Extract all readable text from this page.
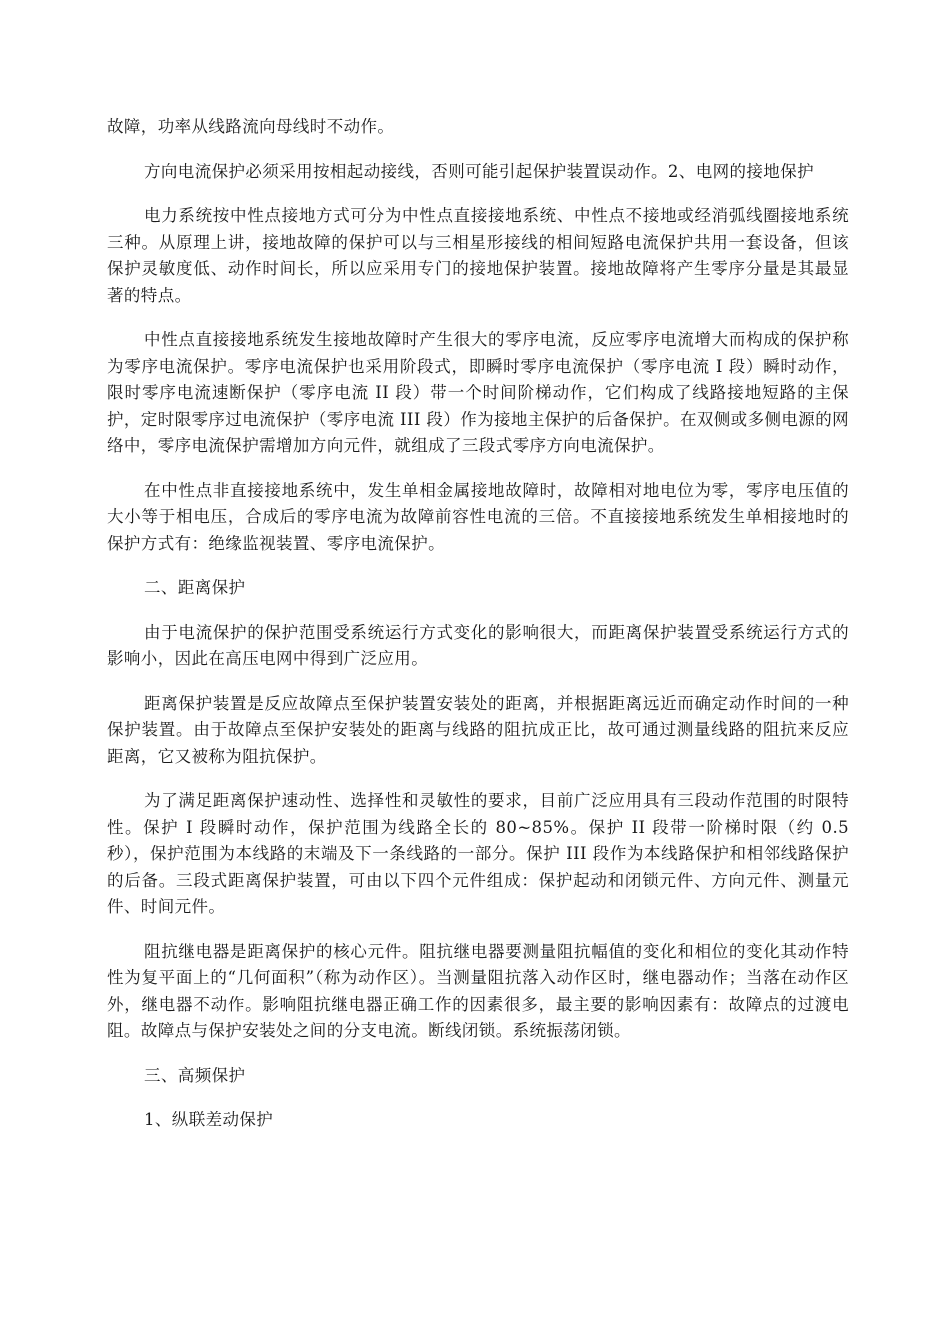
故障，功率从线路流向母线时不动作。

方向电流保护必须采用按相起动接线，否则可能引起保护装置误动作。2、电网的接地保护

电力系统按中性点接地方式可分为中性点直接接地系统、中性点不接地或经消弧线圈接地系统三种。从原理上讲，接地故障的保护可以与三相星形接线的相间短路电流保护共用一套设备，但该保护灵敏度低、动作时间长，所以应采用专门的接地保护装置。接地故障将产生零序分量是其最显著的特点。

中性点直接接地系统发生接地故障时产生很大的零序电流，反应零序电流增大而构成的保护称为零序电流保护。零序电流保护也采用阶段式，即瞬时零序电流保护（零序电流 I 段）瞬时动作，限时零序电流速断保护（零序电流 II 段）带一个时间阶梯动作，它们构成了线路接地短路的主保护，定时限零序过电流保护（零序电流 III 段）作为接地主保护的后备保护。在双侧或多侧电源的网络中，零序电流保护需增加方向元件，就组成了三段式零序方向电流保护。

在中性点非直接接地系统中，发生单相金属接地故障时，故障相对地电位为零，零序电压值的大小等于相电压，合成后的零序电流为故障前容性电流的三倍。不直接接地系统发生单相接地时的保护方式有：绝缘监视装置、零序电流保护。

二、距离保护

由于电流保护的保护范围受系统运行方式变化的影响很大，而距离保护装置受系统运行方式的影响小，因此在高压电网中得到广泛应用。

距离保护装置是反应故障点至保护装置安装处的距离，并根据距离远近而确定动作时间的一种保护装置。由于故障点至保护安装处的距离与线路的阻抗成正比，故可通过测量线路的阻抗来反应距离，它又被称为阻抗保护。

为了满足距离保护速动性、选择性和灵敏性的要求，目前广泛应用具有三段动作范围的时限特性。保护 I 段瞬时动作，保护范围为线路全长的 80~85%。保护 II 段带一阶梯时限（约 0.5 秒），保护范围为本线路的末端及下一条线路的一部分。保护 III 段作为本线路保护和相邻线路保护的后备。三段式距离保护装置，可由以下四个元件组成：保护起动和闭锁元件、方向元件、测量元件、时间元件。

阻抗继电器是距离保护的核心元件。阻抗继电器要测量阻抗幅值的变化和相位的变化其动作特性为复平面上的“几何面积”（称为动作区）。当测量阻抗落入动作区时，继电器动作；当落在动作区外，继电器不动作。影响阻抗继电器正确工作的因素很多，最主要的影响因素有：故障点的过渡电阻。故障点与保护安装处之间的分支电流。断线闭锁。系统振荡闭锁。

三、高频保护

1、纵联差动保护
